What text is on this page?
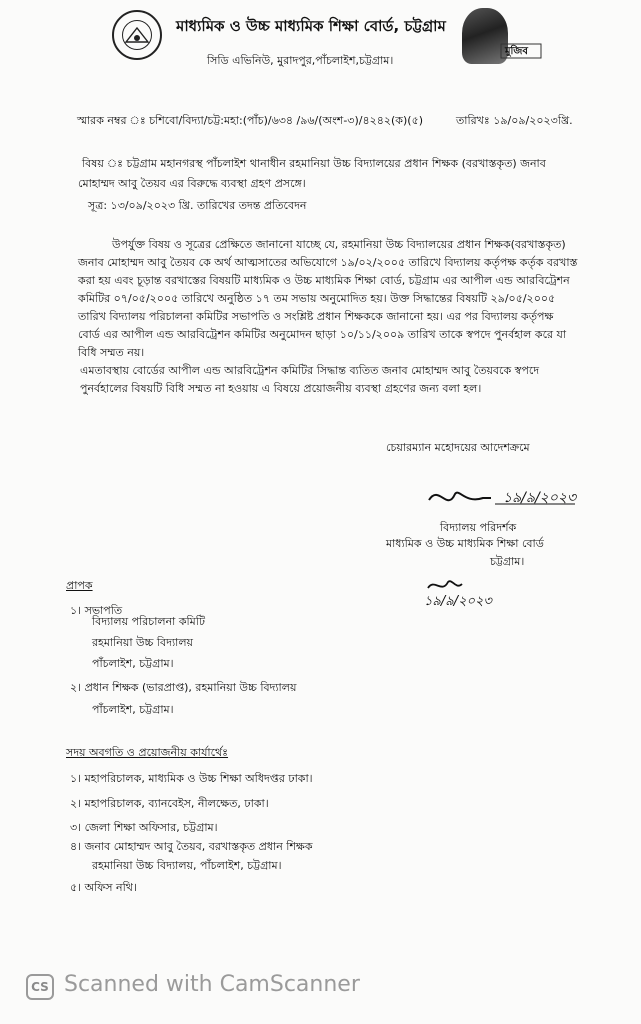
মাধ্যমিক ও উচ্চ মাধ্যমিক শিক্ষা বোর্ড, চট্টগ্রাম
সিডি এভিনিউ, মুরাদপুর,পাঁচলাইশ,চট্টগ্রাম।
মুজিব
স্মারক নম্বর ঃ চশিবো/বিদ্যা/চট্ট:মহা:(পাঁচ)/৬৩৪ /৯৬/(অংশ-৩)/৪২৪২(ক)(৫)	তারিখঃ ১৯/০৯/২০২৩খ্রি.
বিষয় ঃ চট্টগ্রাম মহানগরস্থ পাঁচলাইশ থানাধীন রহমানিয়া উচ্চ বিদ্যালয়ের প্রধান শিক্ষক (বরখাস্তকৃত) জনাব
মোহাম্মদ আবু তৈয়ব এর বিরুদ্ধে ব্যবস্থা গ্রহণ প্রসঙ্গে।
সূত্র: ১৩/০৯/২০২৩ খ্রি. তারিখের তদন্ত প্রতিবেদন
উপর্যুক্ত বিষয় ও সূত্রের প্রেক্ষিতে জানানো যাচ্ছে যে, রহমানিয়া উচ্চ বিদ্যালয়ের প্রধান শিক্ষক(বরখাস্তকৃত)
জনাব মোহাম্মদ আবু তৈয়ব কে অর্থ আত্মসাতের অভিযোগে ১৯/০২/২০০৫ তারিখে বিদ্যালয় কর্তৃপক্ষ কর্তৃক বরখাস্ত
করা হয় এবং চূড়ান্ত বরখাস্তের বিষয়টি মাধ্যমিক ও উচ্চ মাধ্যমিক শিক্ষা বোর্ড, চট্টগ্রাম এর আপীল এন্ড আরবিট্রেশন
কমিটির ০৭/০৫/২০০৫ তারিখে অনুষ্ঠিত ১৭ তম সভায় অনুমোদিত হয়। উক্ত সিদ্ধান্তের বিষয়টি ২৯/০৫/২০০৫
তারিখ বিদ্যালয় পরিচালনা কমিটির সভাপতি ও সংশ্লিষ্ট প্রধান শিক্ষককে জানানো হয়। এর পর বিদ্যালয় কর্তৃপক্ষ
বোর্ড এর আপীল এন্ড আরবিট্রেশন কমিটির অনুমোদন ছাড়া ১০/১১/২০০৯ তারিখ তাকে স্বপদে পুনর্বহাল করে যা
বিধি সম্মত নয়।
এমতাবস্থায় বোর্ডের আপীল এন্ড আরবিট্রেশন কমিটির সিদ্ধান্ত ব্যতিত জনাব মোহাম্মদ আবু তৈয়বকে স্বপদে
পুনর্বহালের বিষয়টি বিধি সম্মত না হওয়ায় এ বিষয়ে প্রয়োজনীয় ব্যবস্থা গ্রহণের জন্য বলা হল।
চেয়ারম্যান মহোদয়ের আদেশক্রমে
১৯/৯/২০২৩
বিদ্যালয় পরিদর্শক
মাধ্যমিক ও উচ্চ মাধ্যমিক শিক্ষা বোর্ড
চট্টগ্রাম।
১৯/৯/২০২৩
প্রাপক
১। সভাপতি
বিদ্যালয় পরিচালনা কমিটি
রহমানিয়া উচ্চ বিদ্যালয়
পাঁচলাইশ, চট্টগ্রাম।
২। প্রধান শিক্ষক (ভারপ্রাপ্ত), রহমানিয়া উচ্চ বিদ্যালয়
পাঁচলাইশ, চট্টগ্রাম।
সদয় অবগতি ও প্রয়োজনীয় কার্যার্থেঃ
১। মহাপরিচালক, মাধ্যমিক ও উচ্চ শিক্ষা অধিদপ্তর ঢাকা।
২। মহাপরিচালক, ব্যানবেইস, নীলক্ষেত, ঢাকা।
৩। জেলা শিক্ষা অফিসার, চট্টগ্রাম।
৪। জনাব মোহাম্মদ আবু তৈয়ব, বরখাস্তকৃত প্রধান শিক্ষক
রহমানিয়া উচ্চ বিদ্যালয়, পাঁচলাইশ, চট্টগ্রাম।
৫। অফিস নথি।
CS Scanned with CamScanner
